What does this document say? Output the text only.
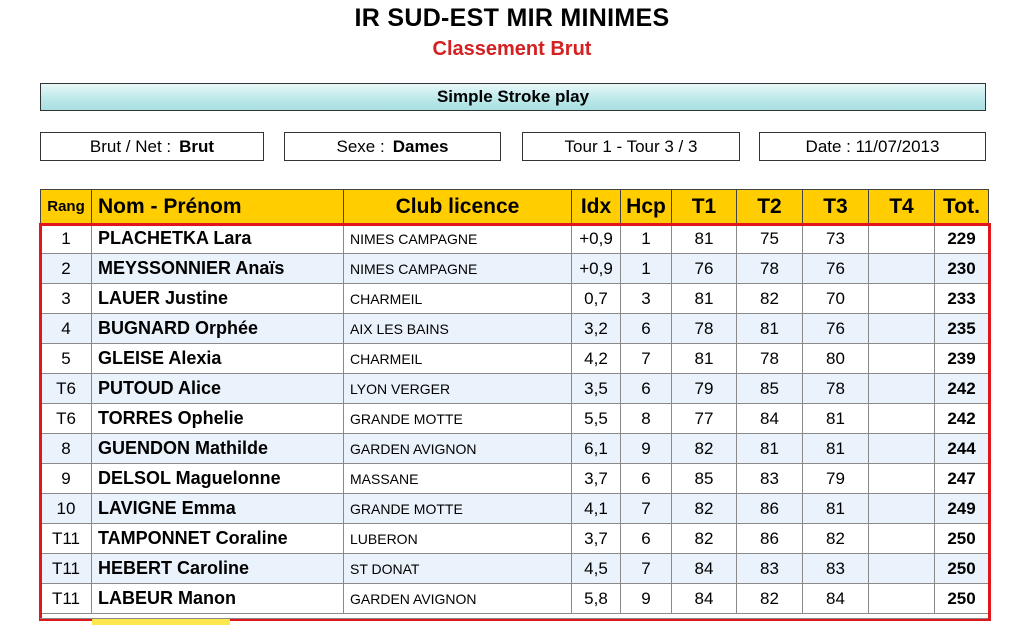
IR SUD-EST MIR MINIMES
Classement Brut
Simple Stroke play
Brut / Net : Brut	Sexe : Dames	Tour 1 - Tour 3 / 3	Date : 11/07/2013
Rang	Nom - Prénom	Club licence	Idx	Hcp	T1	T2	T3	T4	Tot.
1	PLACHETKA Lara	NIMES CAMPAGNE	+0,9	1	81	75	73		229
2	MEYSSONNIER Anaïs	NIMES CAMPAGNE	+0,9	1	76	78	76		230
3	LAUER Justine	CHARMEIL	0,7	3	81	82	70		233
4	BUGNARD Orphée	AIX LES BAINS	3,2	6	78	81	76		235
5	GLEISE Alexia	CHARMEIL	4,2	7	81	78	80		239
T6	PUTOUD Alice	LYON VERGER	3,5	6	79	85	78		242
T6	TORRES Ophelie	GRANDE MOTTE	5,5	8	77	84	81		242
8	GUENDON Mathilde	GARDEN AVIGNON	6,1	9	82	81	81		244
9	DELSOL Maguelonne	MASSANE	3,7	6	85	83	79		247
10	LAVIGNE Emma	GRANDE MOTTE	4,1	7	82	86	81		249
T11	TAMPONNET Coraline	LUBERON	3,7	6	82	86	82		250
T11	HEBERT Caroline	ST DONAT	4,5	7	84	83	83		250
T11	LABEUR Manon	GARDEN AVIGNON	5,8	9	84	82	84		250
